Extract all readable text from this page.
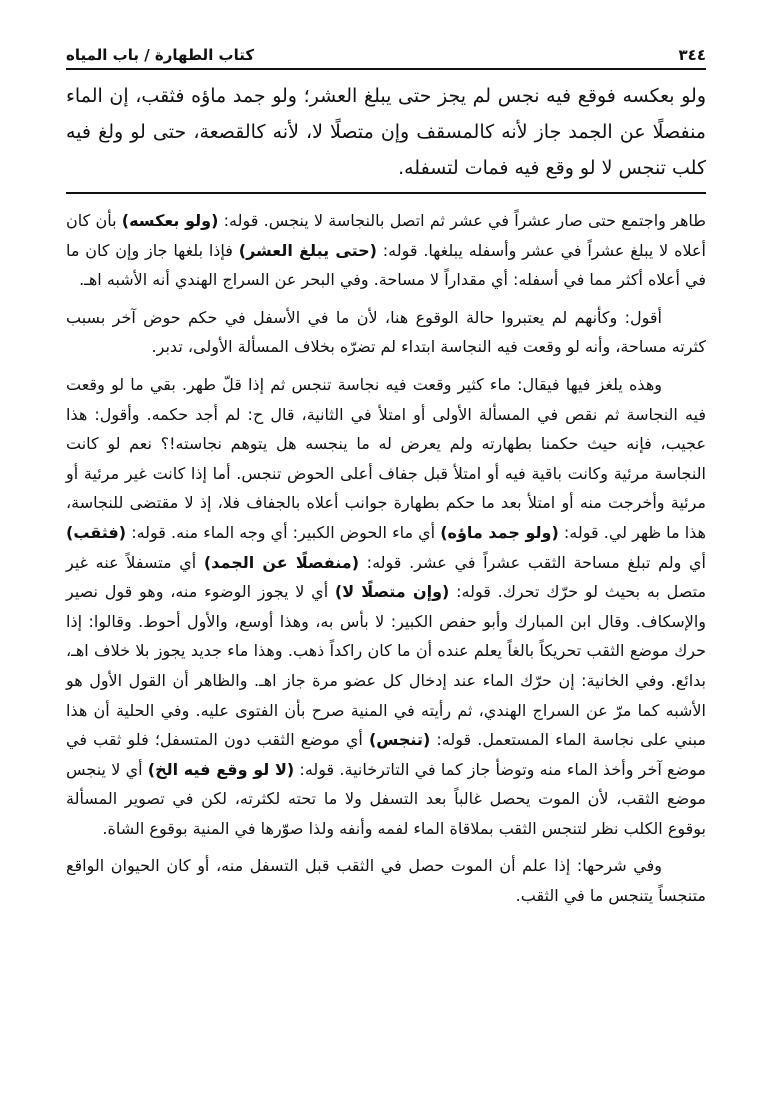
٣٤٤
كتاب الطهارة / باب المياه

ولو بعكسه فوقع فيه نجس لم يجز حتى يبلغ العشر؛ ولو جمد ماؤه فثقب، إن الماء منفصلًا عن الجمد جاز لأنه كالمسقف وإن متصلًا لا، لأنه كالقصعة، حتى لو ولغ فيه كلب تنجس لا لو وقع فيه فمات لتسفله.

طاهر واجتمع حتى صار عشراً في عشر ثم اتصل بالنجاسة لا ينجس. قوله: (ولو بعكسه) بأن كان أعلاه لا يبلغ عشراً في عشر وأسفله يبلغها. قوله: (حتى يبلغ العشر) فإذا بلغها جاز وإن كان ما في أعلاه أكثر مما في أسفله: أي مقداراً لا مساحة. وفي البحر عن السراج الهندي أنه الأشبه اهـ.

أقول: وكأنهم لم يعتبروا حالة الوقوع هنا، لأن ما في الأسفل في حكم حوض آخر بسبب كثرته مساحة، وأنه لو وقعت فيه النجاسة ابتداء لم تضرّه بخلاف المسألة الأولى، تدبر.

وهذه يلغز فيها فيقال: ماء كثير وقعت فيه نجاسة تنجس ثم إذا قلّ طهر. بقي ما لو وقعت فيه النجاسة ثم نقص في المسألة الأولى أو امتلأ في الثانية، قال ح: لم أجد حكمه. وأقول: هذا عجيب، فإنه حيث حكمنا بطهارته ولم يعرض له ما ينجسه هل يتوهم نجاسته!؟ نعم لو كانت النجاسة مرئية وكانت باقية فيه أو امتلأ قبل جفاف أعلى الحوض تنجس. أما إذا كانت غير مرئية أو مرئية وأخرجت منه أو امتلأ بعد ما حكم بطهارة جوانب أعلاه بالجفاف فلا، إذ لا مقتضى للنجاسة، هذا ما ظهر لي. قوله: (ولو جمد ماؤه) أي ماء الحوض الكبير: أي وجه الماء منه. قوله: (فثقب) أي ولم تبلغ مساحة الثقب عشراً في عشر. قوله: (منفصلًا عن الجمد) أي متسفلاً عنه غير متصل به بحيث لو حرّك تحرك. قوله: (وإن متصلًا لا) أي لا يجوز الوضوء منه، وهو قول نصير والإسكاف. وقال ابن المبارك وأبو حفص الكبير: لا بأس به، وهذا أوسع، والأول أحوط. وقالوا: إذا حرك موضع الثقب تحريكاً بالغاً يعلم عنده أن ما كان راكداً ذهب. وهذا ماء جديد يجوز بلا خلاف اهـ، بدائع. وفي الخانية: إن حرّك الماء عند إدخال كل عضو مرة جاز اهـ. والظاهر أن القول الأول هو الأشبه كما مرّ عن السراج الهندي، ثم رأيته في المنية صرح بأن الفتوى عليه. وفي الحلية أن هذا مبني على نجاسة الماء المستعمل. قوله: (تنجس) أي موضع الثقب دون المتسفل؛ فلو ثقب في موضع آخر وأخذ الماء منه وتوضأ جاز كما في التاترخانية. قوله: (لا لو وقع فيه الخ) أي لا ينجس موضع الثقب، لأن الموت يحصل غالباً بعد التسفل ولا ما تحته لكثرته، لكن في تصوير المسألة بوقوع الكلب نظر لتنجس الثقب بملاقاة الماء لفمه وأنفه ولذا صوّرها في المنية بوقوع الشاة.

وفي شرحها: إذا علم أن الموت حصل في الثقب قبل التسفل منه، أو كان الحيوان الواقع متنجساً يتنجس ما في الثقب.
